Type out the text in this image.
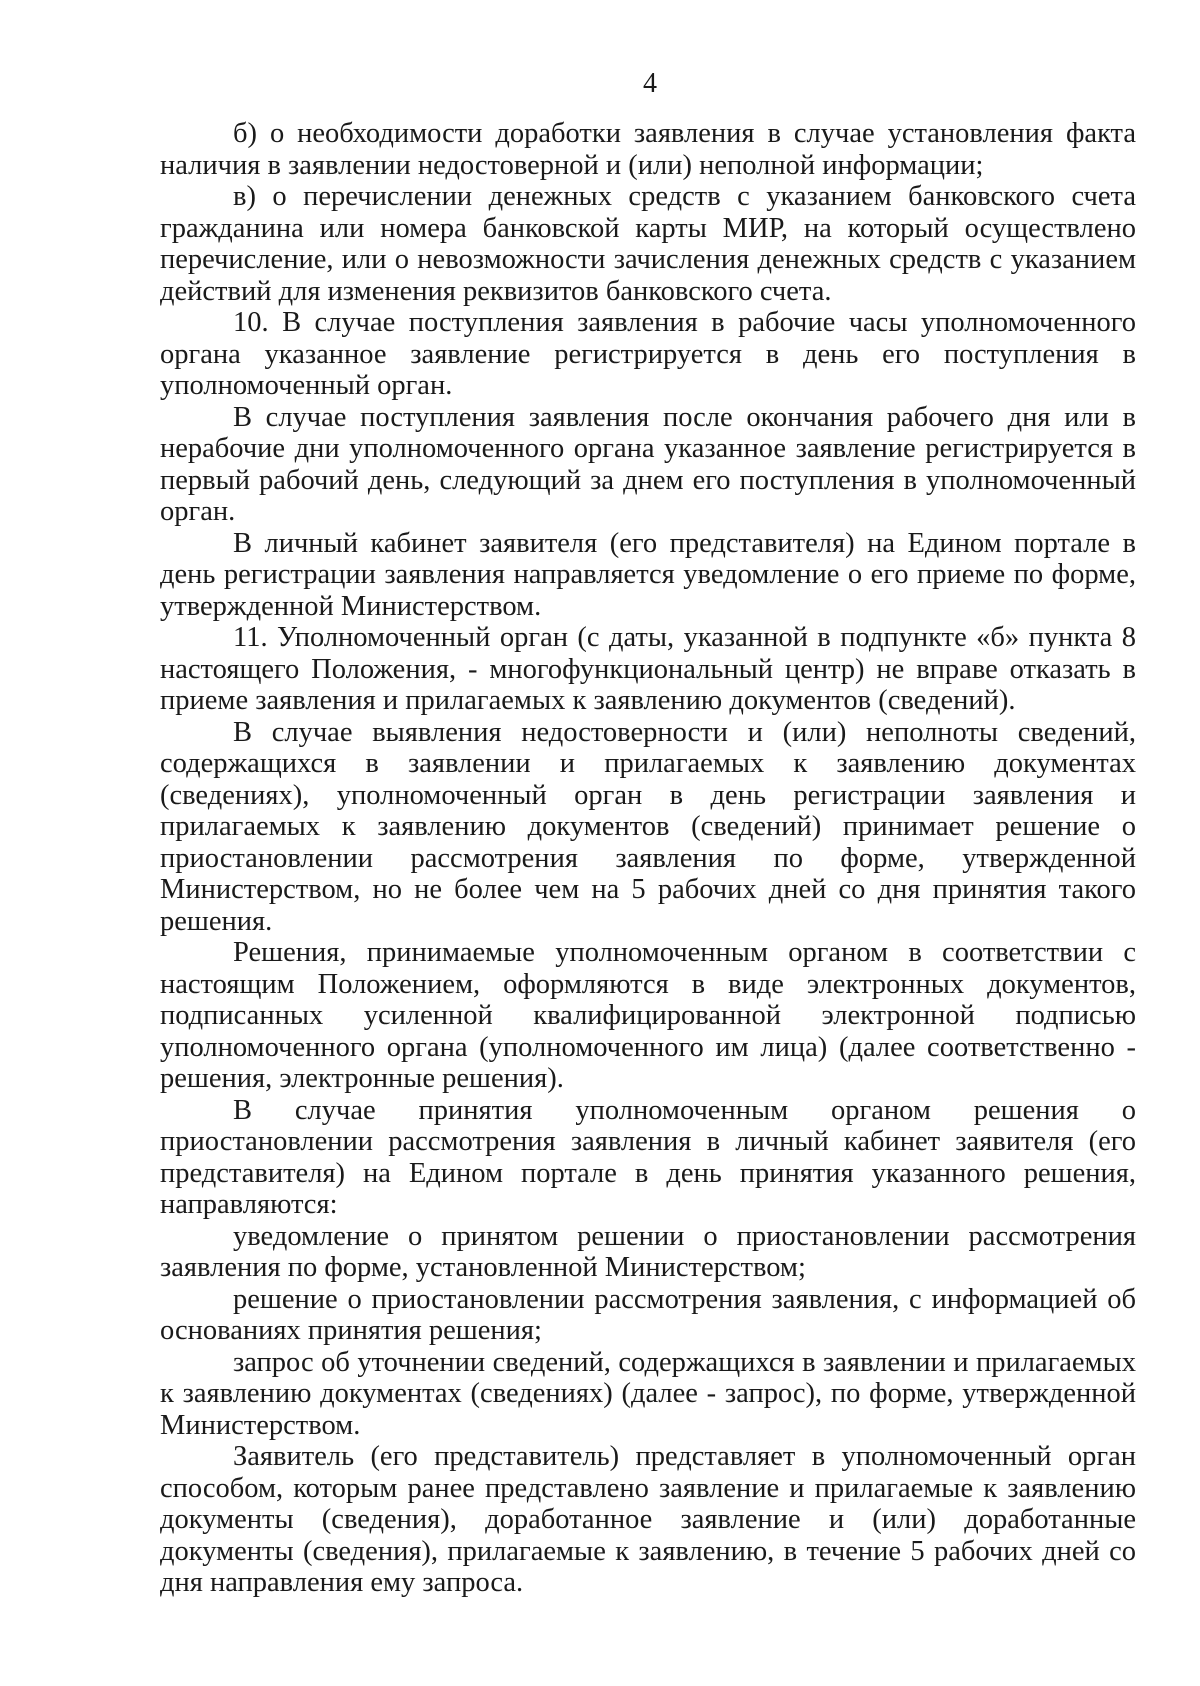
4

б) о необходимости доработки заявления в случае установления факта наличия в заявлении недостоверной и (или) неполной информации;

в) о перечислении денежных средств с указанием банковского счета гражданина или номера банковской карты МИР, на который осуществлено перечисление, или о невозможности зачисления денежных средств с указанием действий для изменения реквизитов банковского счета.

10. В случае поступления заявления в рабочие часы уполномоченного органа указанное заявление регистрируется в день его поступления в уполномоченный орган.

В случае поступления заявления после окончания рабочего дня или в нерабочие дни уполномоченного органа указанное заявление регистрируется в первый рабочий день, следующий за днем его поступления в уполномоченный орган.

В личный кабинет заявителя (его представителя) на Едином портале в день регистрации заявления направляется уведомление о его приеме по форме, утвержденной Министерством.

11. Уполномоченный орган (с даты, указанной в подпункте «б» пункта 8 настоящего Положения, - многофункциональный центр) не вправе отказать в приеме заявления и прилагаемых к заявлению документов (сведений).

В случае выявления недостоверности и (или) неполноты сведений, содержащихся в заявлении и прилагаемых к заявлению документах (сведениях), уполномоченный орган в день регистрации заявления и прилагаемых к заявлению документов (сведений) принимает решение о приостановлении рассмотрения заявления по форме, утвержденной Министерством, но не более чем на 5 рабочих дней со дня принятия такого решения.

Решения, принимаемые уполномоченным органом в соответствии с настоящим Положением, оформляются в виде электронных документов, подписанных усиленной квалифицированной электронной подписью уполномоченного органа (уполномоченного им лица) (далее соответственно - решения, электронные решения).

В случае принятия уполномоченным органом решения о приостановлении рассмотрения заявления в личный кабинет заявителя (его представителя) на Едином портале в день принятия указанного решения, направляются:

уведомление о принятом решении о приостановлении рассмотрения заявления по форме, установленной Министерством;

решение о приостановлении рассмотрения заявления, с информацией об основаниях принятия решения;

запрос об уточнении сведений, содержащихся в заявлении и прилагаемых к заявлению документах (сведениях) (далее - запрос), по форме, утвержденной Министерством.

Заявитель (его представитель) представляет в уполномоченный орган способом, которым ранее представлено заявление и прилагаемые к заявлению документы (сведения), доработанное заявление и (или) доработанные документы (сведения), прилагаемые к заявлению, в течение 5 рабочих дней со дня направления ему запроса.
